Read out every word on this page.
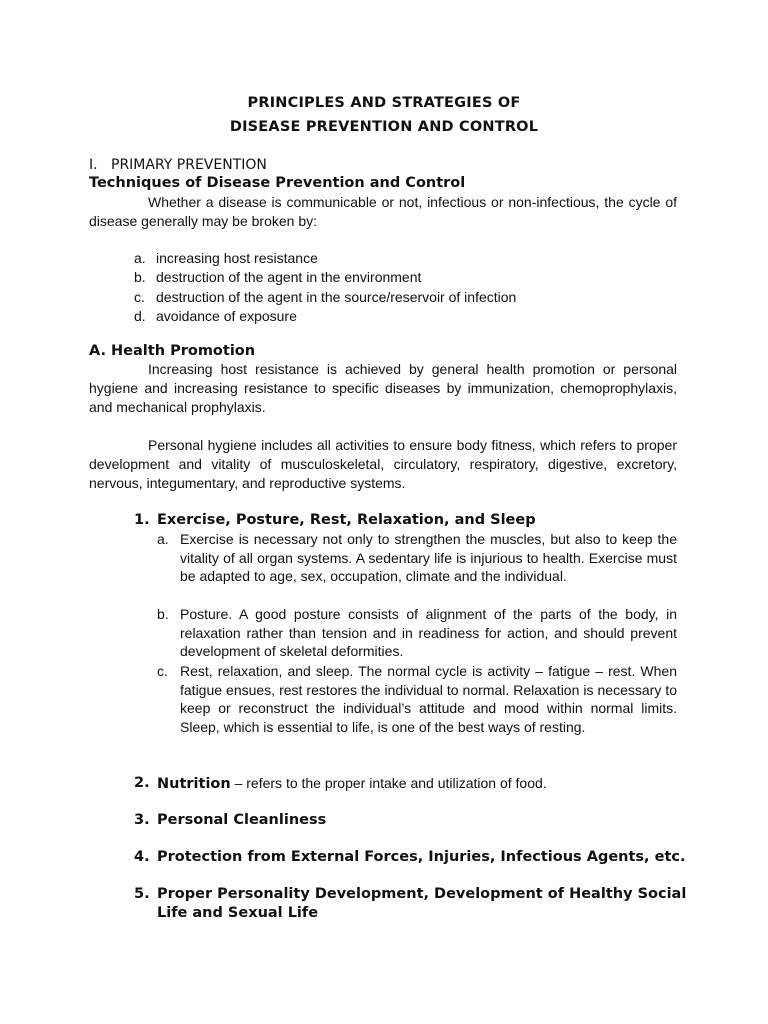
PRINCIPLES AND STRATEGIES OF
DISEASE PREVENTION AND CONTROL
I. PRIMARY PREVENTION
Techniques of Disease Prevention and Control
Whether a disease is communicable or not, infectious or non-infectious, the cycle of disease generally may be broken by:
a. increasing host resistance
b. destruction of the agent in the environment
c. destruction of the agent in the source/reservoir of infection
d. avoidance of exposure
A. Health Promotion
Increasing host resistance is achieved by general health promotion or personal hygiene and increasing resistance to specific diseases by immunization, chemoprophylaxis, and mechanical prophylaxis.
Personal hygiene includes all activities to ensure body fitness, which refers to proper development and vitality of musculoskeletal, circulatory, respiratory, digestive, excretory, nervous, integumentary, and reproductive systems.
1. Exercise, Posture, Rest, Relaxation, and Sleep
a. Exercise is necessary not only to strengthen the muscles, but also to keep the vitality of all organ systems. A sedentary life is injurious to health. Exercise must be adapted to age, sex, occupation, climate and the individual.
b. Posture. A good posture consists of alignment of the parts of the body, in relaxation rather than tension and in readiness for action, and should prevent development of skeletal deformities.
c. Rest, relaxation, and sleep. The normal cycle is activity – fatigue – rest. When fatigue ensues, rest restores the individual to normal. Relaxation is necessary to keep or reconstruct the individual’s attitude and mood within normal limits. Sleep, which is essential to life, is one of the best ways of resting.
2. Nutrition – refers to the proper intake and utilization of food.
3. Personal Cleanliness
4. Protection from External Forces, Injuries, Infectious Agents, etc.
5. Proper Personality Development, Development of Healthy Social Life and Sexual Life
